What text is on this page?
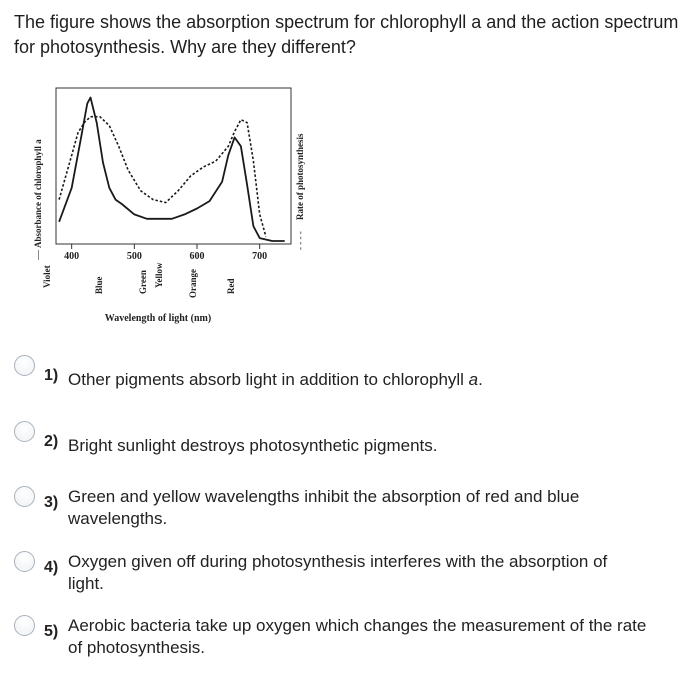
The figure shows the absorption spectrum for chlorophyll a and the action spectrum
for photosynthesis. Why are they different?
Absorbance of chlorophyll a
—
Rate of photosynthesis
- - - -
Wavelength of light (nm)
400	500	600	700
Violet	Blue	Green Yellow	Orange	Red
1) Other pigments absorb light in addition to chlorophyll a.
2) Bright sunlight destroys photosynthetic pigments.
3) Green and yellow wavelengths inhibit the absorption of red and blue
wavelengths.
4) Oxygen given off during photosynthesis interferes with the absorption of
light.
5) Aerobic bacteria take up oxygen which changes the measurement of the rate
of photosynthesis.
